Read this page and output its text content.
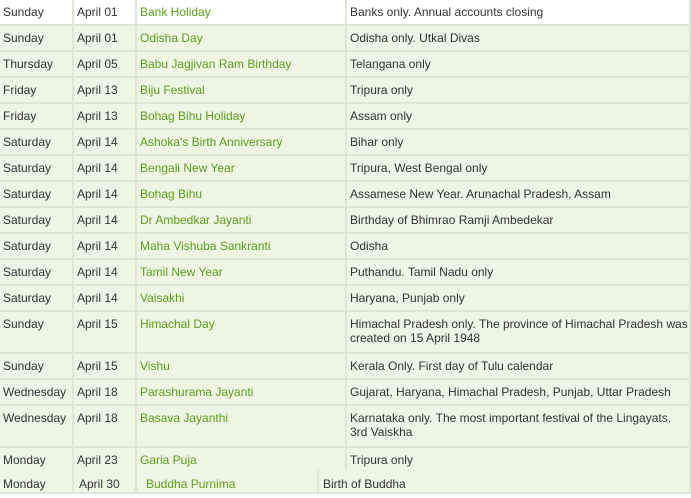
Sunday	April 01	Bank Holiday	Banks only. Annual accounts closing
Sunday	April 01	Odisha Day	Odisha only. Utkal Divas
Thursday	April 05	Babu Jagjivan Ram Birthday	Telangana only
Friday	April 13	Biju Festival	Tripura only
Friday	April 13	Bohag Bihu Holiday	Assam only
Saturday	April 14	Ashoka's Birth Anniversary	Bihar only
Saturday	April 14	Bengali New Year	Tripura, West Bengal only
Saturday	April 14	Bohag Bihu	Assamese New Year. Arunachal Pradesh, Assam
Saturday	April 14	Dr Ambedkar Jayanti	Birthday of Bhimrao Ramji Ambedekar
Saturday	April 14	Maha Vishuba Sankranti	Odisha
Saturday	April 14	Tamil New Year	Puthandu. Tamil Nadu only
Saturday	April 14	Vaisakhi	Haryana, Punjab only
Sunday	April 15	Himachal Day	Himachal Pradesh only. The province of Himachal Pradesh was created on 15 April 1948
Sunday	April 15	Vishu	Kerala Only. First day of Tulu calendar
Wednesday	April 18	Parashurama Jayanti	Gujarat, Haryana, Himachal Pradesh, Punjab, Uttar Pradesh
Wednesday	April 18	Basava Jayanthi	Karnataka only. The most important festival of the Lingayats. 3rd Vaiskha
Monday	April 23	Garia Puja	Tripura only
Monday	April 30	Buddha Purnima	Birth of Buddha
